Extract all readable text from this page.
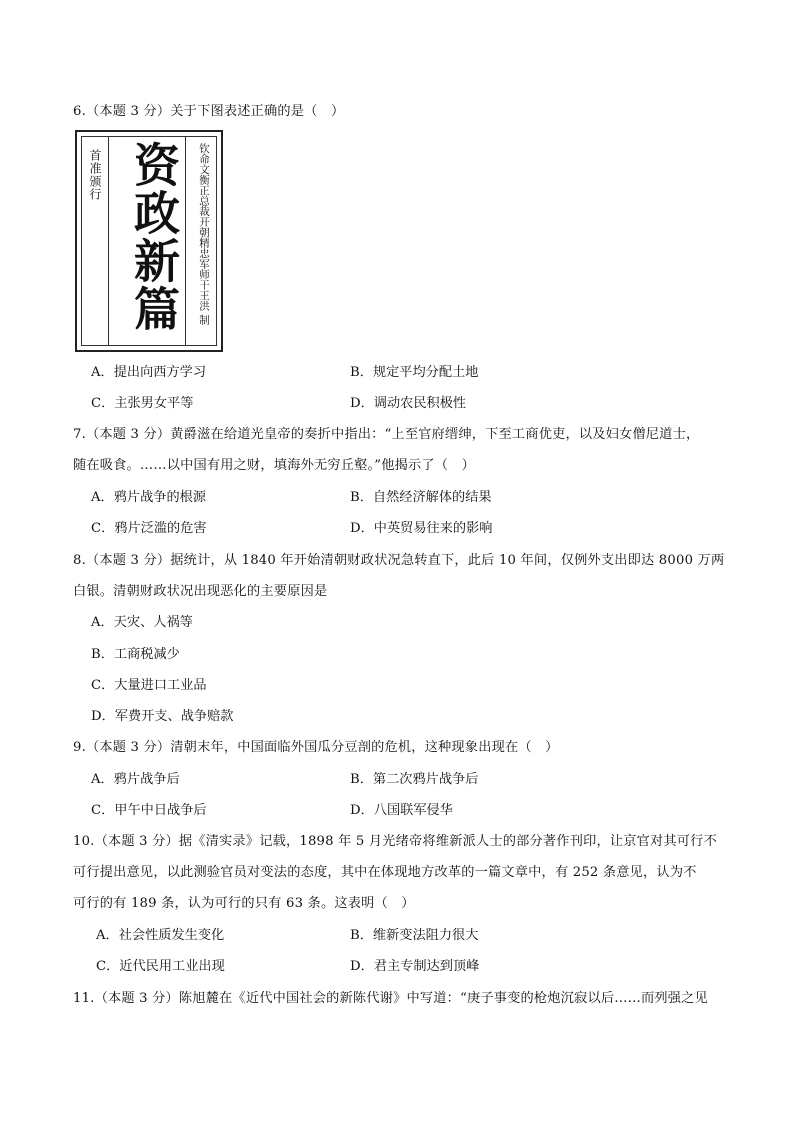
6.（本题 3 分）关于下图表述正确的是（　）
首准颁行 资政新篇	钦命文衡正总裁开朝精忠军师干王洪 制
A．提出向西方学习	B．规定平均分配土地
C．主张男女平等	D．调动农民积极性
7.（本题 3 分）黄爵滋在给道光皇帝的奏折中指出：“上至官府缙绅，下至工商优吏，以及妇女僧尼道士，
随在吸食。……以中国有用之财，填海外无穷丘壑。”他揭示了（　）
A．鸦片战争的根源	B．自然经济解体的结果
C．鸦片泛滥的危害	D．中英贸易往来的影响
8.（本题 3 分）据统计，从 1840 年开始清朝财政状况急转直下，此后 10 年间，仅例外支出即达 8000 万两
白银。清朝财政状况出现恶化的主要原因是
A．天灾、人祸等
B．工商税减少
C．大量进口工业品
D．军费开支、战争赔款
9.（本题 3 分）清朝末年，中国面临外国瓜分豆剖的危机，这种现象出现在（　）
A．鸦片战争后	B．第二次鸦片战争后
C．甲午中日战争后	D．八国联军侵华
10.（本题 3 分）据《清实录》记载，1898 年 5 月光绪帝将维新派人士的部分著作刊印，让京官对其可行不
可行提出意见，以此测验官员对变法的态度，其中在体现地方改革的一篇文章中，有 252 条意见，认为不
可行的有 189 条，认为可行的只有 63 条。这表明（　）
A．社会性质发生变化	B．维新变法阻力很大
C．近代民用工业出现	D．君主专制达到顶峰
11.（本题 3 分）陈旭麓在《近代中国社会的新陈代谢》中写道：“庚子事变的枪炮沉寂以后……而列强之见
